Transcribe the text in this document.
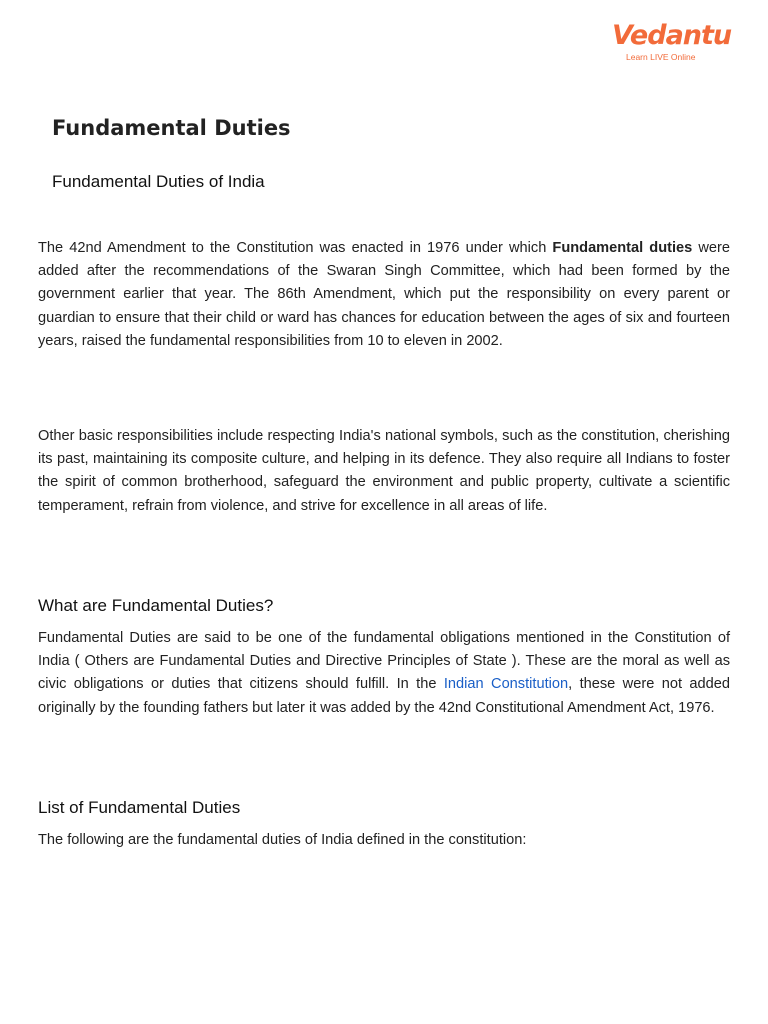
Vedantu
Learn LIVE Online
Fundamental Duties
Fundamental Duties of India

The 42nd Amendment to the Constitution was enacted in 1976 under which Fundamental duties were added after the recommendations of the Swaran Singh Committee, which had been formed by the government earlier that year. The 86th Amendment, which put the responsibility on every parent or guardian to ensure that their child or ward has chances for education between the ages of six and fourteen years, raised the fundamental responsibilities from 10 to eleven in 2002.

Other basic responsibilities include respecting India's national symbols, such as the constitution, cherishing its past, maintaining its composite culture, and helping in its defence. They also require all Indians to foster the spirit of common brotherhood, safeguard the environment and public property, cultivate a scientific temperament, refrain from violence, and strive for excellence in all areas of life.

What are Fundamental Duties?

Fundamental Duties are said to be one of the fundamental obligations mentioned in the Constitution of India ( Others are Fundamental Duties and Directive Principles of State ). These are the moral as well as civic obligations or duties that citizens should fulfill. In the Indian Constitution, these were not added originally by the founding fathers but later it was added by the 42nd Constitutional Amendment Act, 1976.

List of Fundamental Duties

The following are the fundamental duties of India defined in the constitution:
